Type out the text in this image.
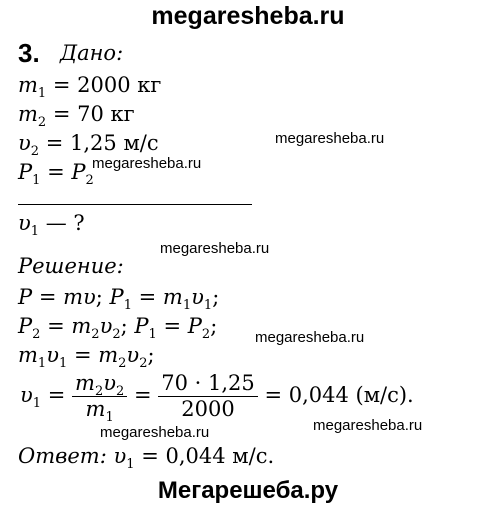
megaresheba.ru
3. Дано:
$m_1 = 2000$ кг
$m_2 = 70$ кг
$\upsilon_2 = 1,25$ м/с
$P_1 = P_2$
$\upsilon_1$ — ?
Решение:
P = mυ; $P_1 = m_1\upsilon_1$;
$P_2 = m_2\upsilon_2$; $P_1 = P_2$;
$m_1\upsilon_1 = m_2\upsilon_2$;
$\upsilon_1 = \frac{m_2\upsilon_2}{m_1} = \frac{70 \cdot 1,25}{2000} = 0,044$ (м/с).
Ответ: $\upsilon_1 = 0,044$ м/с.
megaresheba.ru
megaresheba.ru
megaresheba.ru
megaresheba.ru
megaresheba.ru	megaresheba.ru
Мегарешеба.ру
